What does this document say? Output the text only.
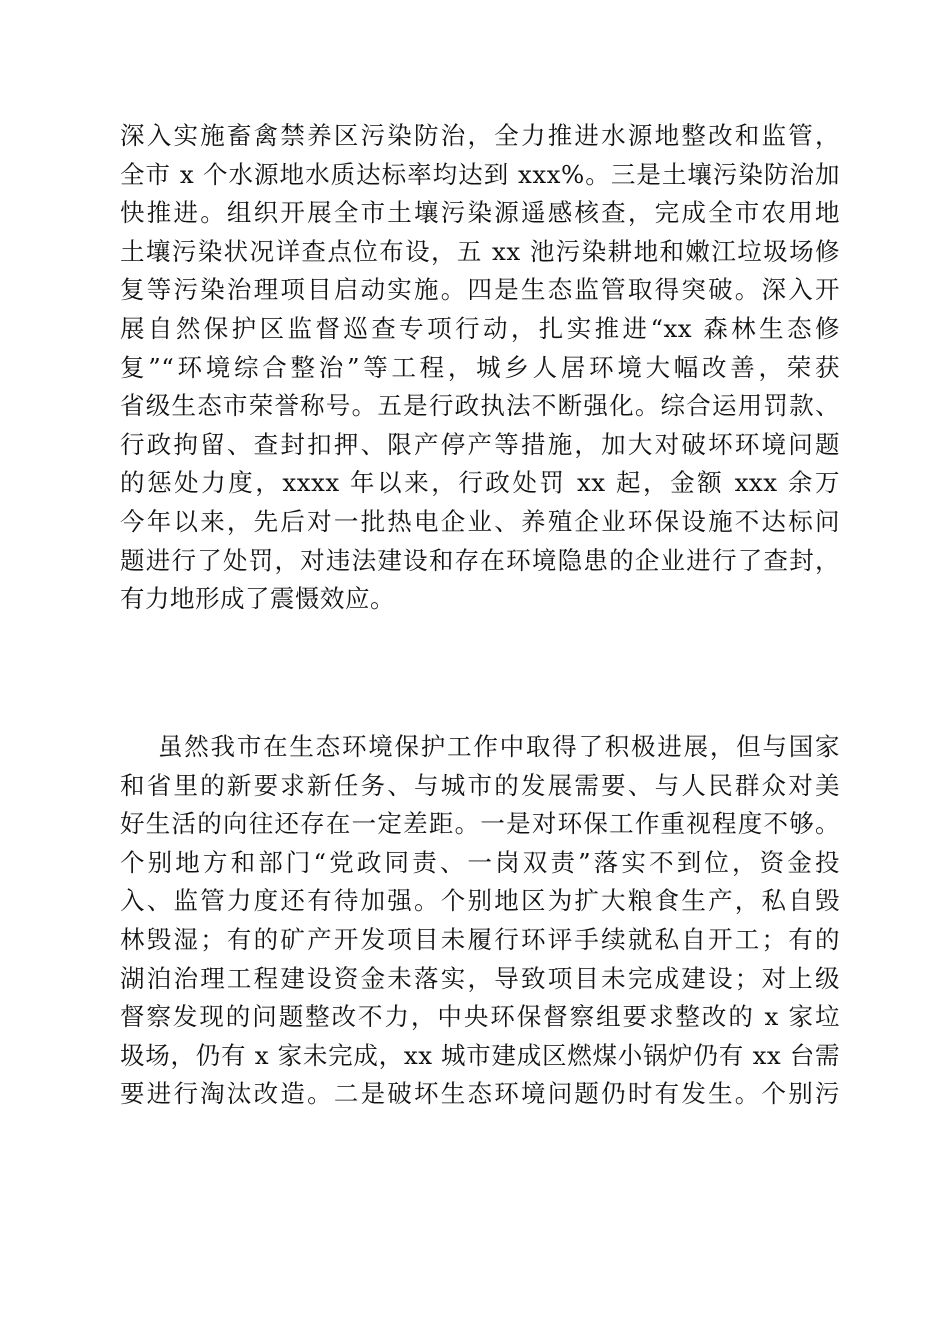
深入实施畜禽禁养区污染防治，全力推进水源地整改和监管，
全市 x 个水源地水质达标率均达到 xxx%。三是土壤污染防治加
快推进。组织开展全市土壤污染源遥感核查，完成全市农用地
土壤污染状况详查点位布设，五 xx 池污染耕地和嫩江垃圾场修
复等污染治理项目启动实施。四是生态监管取得突破。深入开
展自然保护区监督巡查专项行动，扎实推进“xx 森林生态修
复”“环境综合整治”等工程，城乡人居环境大幅改善，荣获
省级生态市荣誉称号。五是行政执法不断强化。综合运用罚款、
行政拘留、查封扣押、限产停产等措施，加大对破坏环境问题
的惩处力度，xxxx 年以来，行政处罚 xx 起，金额 xxx 余万
今年以来，先后对一批热电企业、养殖企业环保设施不达标问
题进行了处罚，对违法建设和存在环境隐患的企业进行了查封，
有力地形成了震慑效应。
虽然我市在生态环境保护工作中取得了积极进展，但与国家
和省里的新要求新任务、与城市的发展需要、与人民群众对美
好生活的向往还存在一定差距。一是对环保工作重视程度不够。
个别地方和部门“党政同责、一岗双责”落实不到位，资金投
入、监管力度还有待加强。个别地区为扩大粮食生产，私自毁
林毁湿；有的矿产开发项目未履行环评手续就私自开工；有的
湖泊治理工程建设资金未落实，导致项目未完成建设；对上级
督察发现的问题整改不力，中央环保督察组要求整改的 x 家垃
圾场，仍有 x 家未完成，xx 城市建成区燃煤小锅炉仍有 xx 台需
要进行淘汰改造。二是破坏生态环境问题仍时有发生。个别污
